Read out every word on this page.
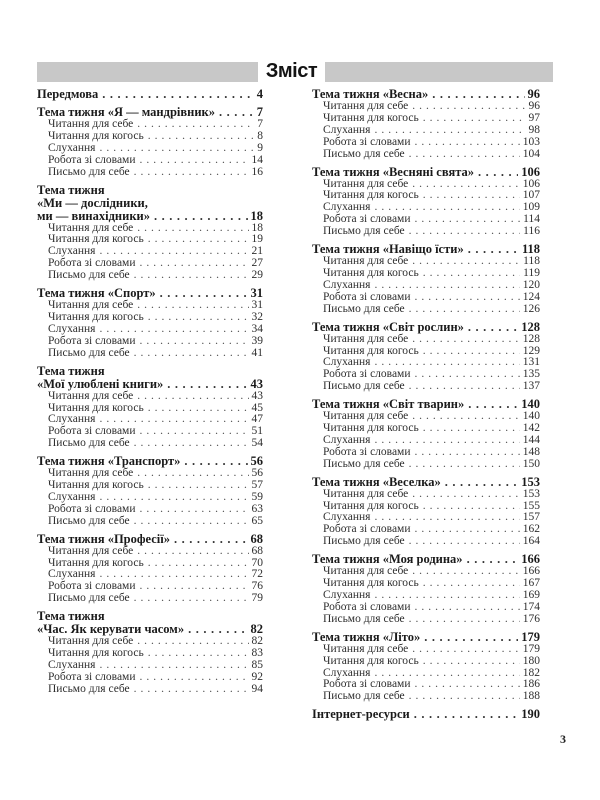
Зміст
Передмова .....	4
Тема тижня «Я — мандрівник» .....	7
Читання для себе .....	7
Читання для когось .....	8
Слухання .....	9
Робота зі словами .....	14
Письмо для себе .....	16
Тема тижня
«Ми — дослідники,
ми — винахідники» .....	18
Читання для себе .....	18
Читання для когось .....	19
Слухання .....	21
Робота зі словами .....	27
Письмо для себе .....	29
Тема тижня «Спорт» .....	31
Читання для себе .....	31
Читання для когось .....	32
Слухання .....	34
Робота зі словами .....	39
Письмо для себе .....	41
Тема тижня
«Мої улюблені книги» .....	43
Читання для себе .....	43
Читання для когось .....	45
Слухання .....	47
Робота зі словами .....	51
Письмо для себе .....	54
Тема тижня «Транспорт» .....	56
Читання для себе .....	56
Читання для когось .....	57
Слухання .....	59
Робота зі словами .....	63
Письмо для себе .....	65
Тема тижня «Професії» .....	68
Читання для себе .....	68
Читання для когось .....	70
Слухання .....	72
Робота зі словами .....	76
Письмо для себе .....	79
Тема тижня
«Час. Як керувати часом» .....	82
Читання для себе .....	82
Читання для когось .....	83
Слухання .....	85
Робота зі словами .....	92
Письмо для себе .....	94
Тема тижня «Весна» .....	96
Читання для себе .....	96
Читання для когось .....	97
Слухання .....	98
Робота зі словами .....	103
Письмо для себе .....	104
Тема тижня «Весняні свята» .....	106
Читання для себе .....	106
Читання для когось .....	107
Слухання .....	109
Робота зі словами .....	114
Письмо для себе .....	116
Тема тижня «Навіщо їсти» .....	118
Читання для себе .....	118
Читання для когось .....	119
Слухання .....	120
Робота зі словами .....	124
Письмо для себе .....	126
Тема тижня «Світ рослин» .....	128
Читання для себе .....	128
Читання для когось .....	129
Слухання .....	131
Робота зі словами .....	135
Письмо для себе .....	137
Тема тижня «Світ тварин» .....	140
Читання для себе .....	140
Читання для когось .....	142
Слухання .....	144
Робота зі словами .....	148
Письмо для себе .....	150
Тема тижня «Веселка» .....	153
Читання для себе .....	153
Читання для когось .....	155
Слухання .....	157
Робота зі словами .....	162
Письмо для себе .....	164
Тема тижня «Моя родина» .....	166
Читання для себе .....	166
Читання для когось .....	167
Слухання .....	169
Робота зі словами .....	174
Письмо для себе .....	176
Тема тижня «Літо» .....	179
Читання для себе .....	179
Читання для когось .....	180
Слухання .....	182
Робота зі словами .....	186
Письмо для себе .....	188
Інтернет-ресурси .....	190
3
